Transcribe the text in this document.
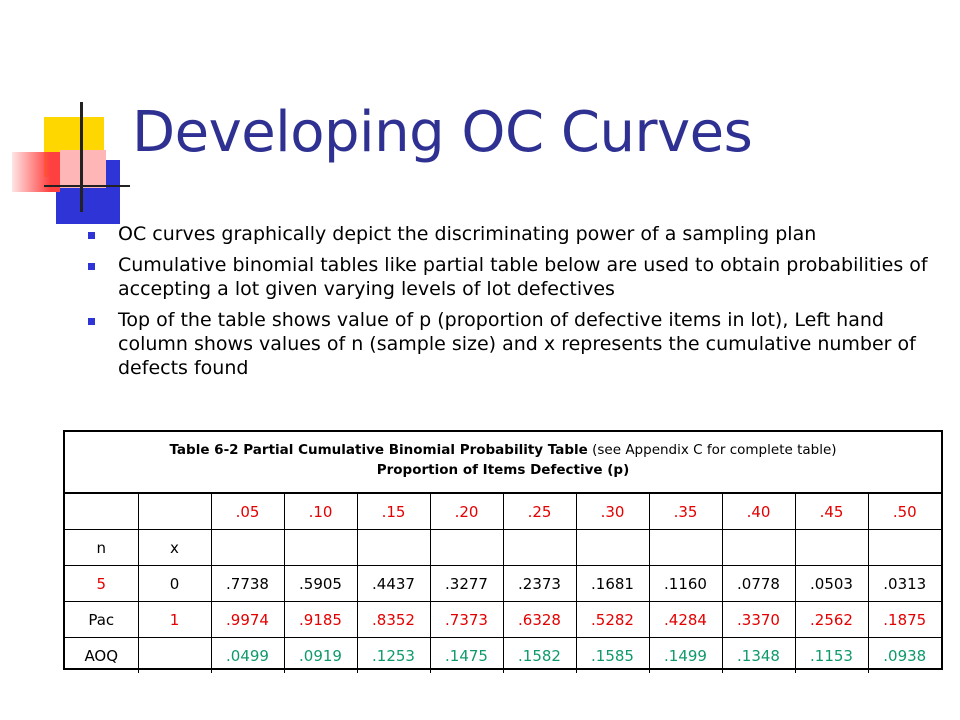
Developing OC Curves
OC curves graphically depict the discriminating power of a sampling plan
Cumulative binomial tables like partial table below are used to obtain probabilities of accepting a lot given varying levels of lot defectives
Top of the table shows value of p (proportion of defective items in lot), Left hand column shows values of n (sample size) and x represents the cumulative number of defects found
Table 6-2 Partial Cumulative Binomial Probability Table (see Appendix C for complete table)
Proportion of Items Defective (p)
		.05	.10	.15	.20	.25	.30	.35	.40	.45	.50
n	x										
5	0	.7738	.5905	.4437	.3277	.2373	.1681	.1160	.0778	.0503	.0313
Pac	1	.9974	.9185	.8352	.7373	.6328	.5282	.4284	.3370	.2562	.1875
AOQ		.0499	.0919	.1253	.1475	.1582	.1585	.1499	.1348	.1153	.0938
